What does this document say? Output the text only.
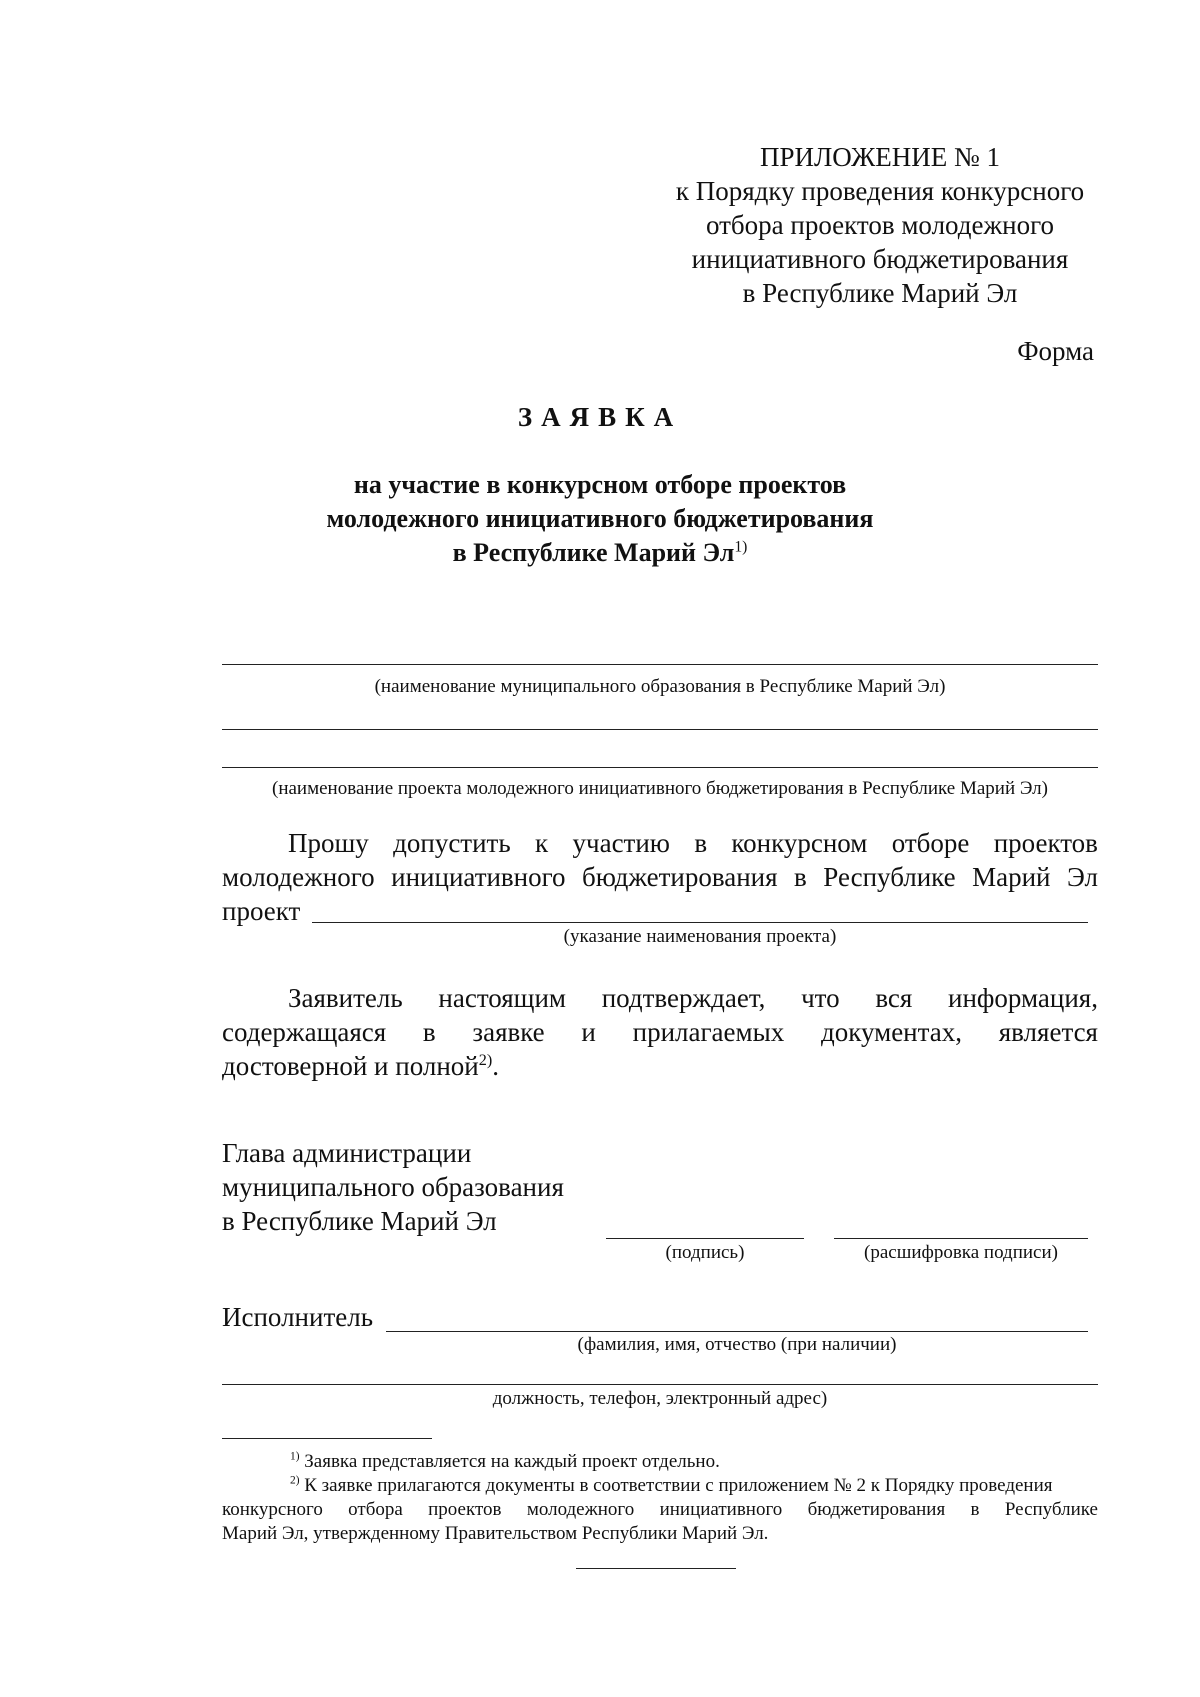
ПРИЛОЖЕНИЕ № 1
к Порядку проведения конкурсного
отбора проектов молодежного
инициативного бюджетирования
в Республике Марий Эл
Форма
ЗАЯВКА
на участие в конкурсном отборе проектов
молодежного инициативного бюджетирования
в Республике Марий $Эл^{1)}$
(наименование муниципального образования в Республике Марий Эл)
(наименование проекта молодежного инициативного бюджетирования в Республике Марий Эл)
Прошу допустить к участию в конкурсном отборе проектов
молодежного инициативного бюджетирования в Республике Марий Эл
проект
(указание наименования проекта)
Заявитель настоящим подтверждает, что вся информация,
содержащаяся в заявке и прилагаемых документах, является
достоверной и полной$^{2)}$.
Глава администрации
муниципального образования
в Республике Марий Эл
(подпись)	(расшифровка подписи)
Исполнитель
(фамилия, имя, отчество (при наличии)
должность, телефон, электронный адрес)
$^{1)}$ Заявка представляется на каждый проект отдельно.
$^{2)}$ К заявке прилагаются документы в соответствии с приложением № 2 к Порядку проведения
конкурсного отбора проектов молодежного инициативного бюджетирования в Республике
Марий Эл, утвержденному Правительством Республики Марий Эл.
